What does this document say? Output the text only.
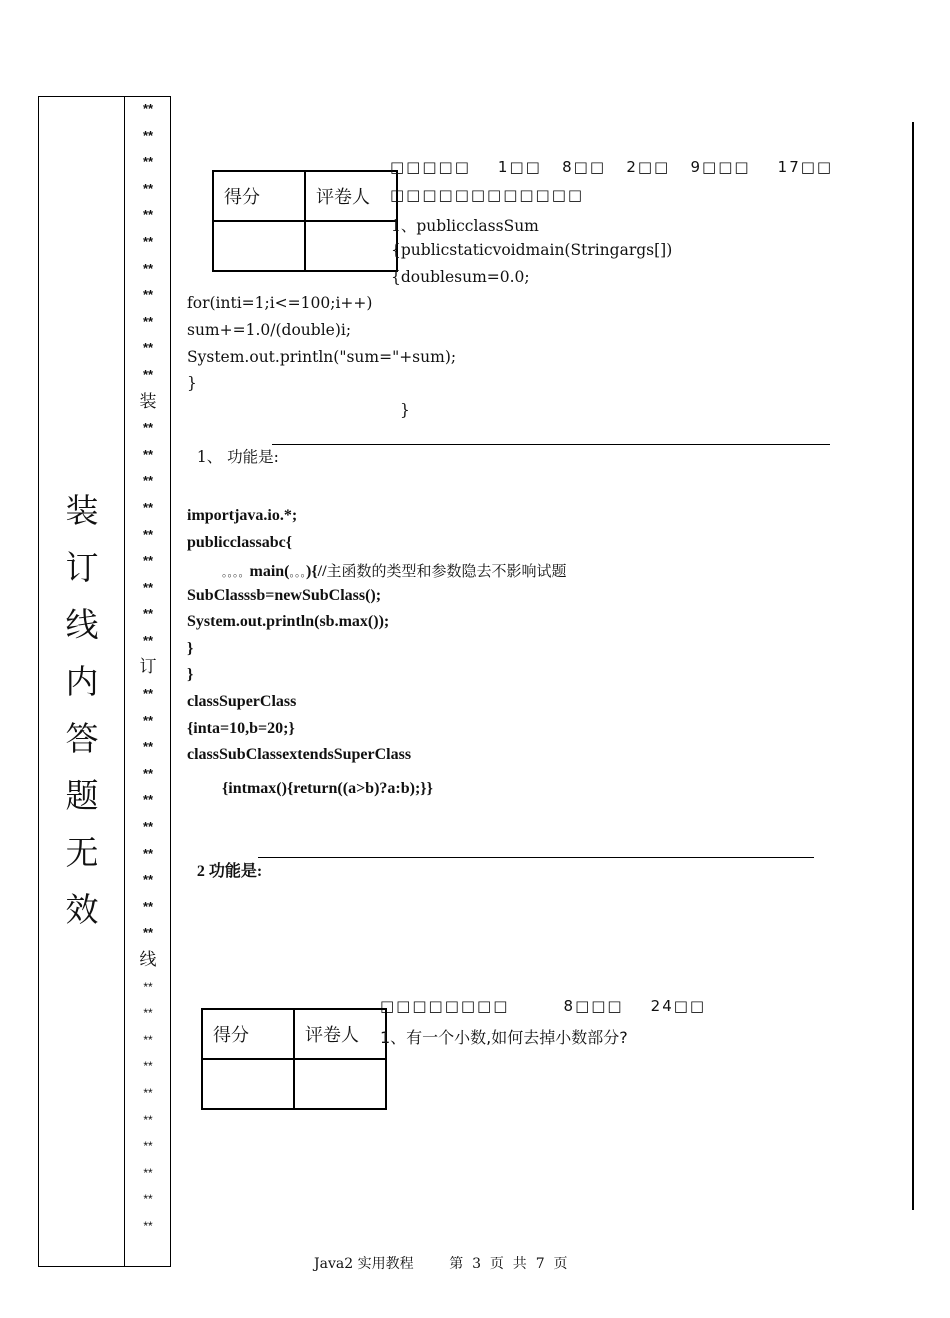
装
订
线
内
答
题
无
效
**
**
**
**
**
**
**
**
**
**
**
装
**
**
**
**
**
**
**
**
**
订
**
**
**
**
**
**
**
**
**
**
线
**
**
**
**
**
**
**
**
**
**
得分	评卷人

□□□□□    1□□   8□□   2□□   9□□□    17□□
□□□□□□□□□□□□
1、publicclassSum
{publicstaticvoidmain(Stringargs[])
{doublesum=0.0;
for(inti=1;i<=100;i++)
sum+=1.0/(double)i;
System.out.println("sum="+sum);
}
}

1、 功能是:

importjava.io.*;
publicclassabc{
。。。。main(。。。){//主函数的类型和参数隐去不影响试题
SubClasssb=newSubClass();
System.out.println(sb.max());
}
}
classSuperClass
{inta=10,b=20;}
classSubClassextendsSuperClass
{intmax(){return((a>b)?a:b);}}

2 功能是:

□□□□□□□□        8□□□    24□□
得分	评卷人
	1、有一个小数,如何去掉小数部分?
Java2 实用教程	第  3  页  共  7  页
